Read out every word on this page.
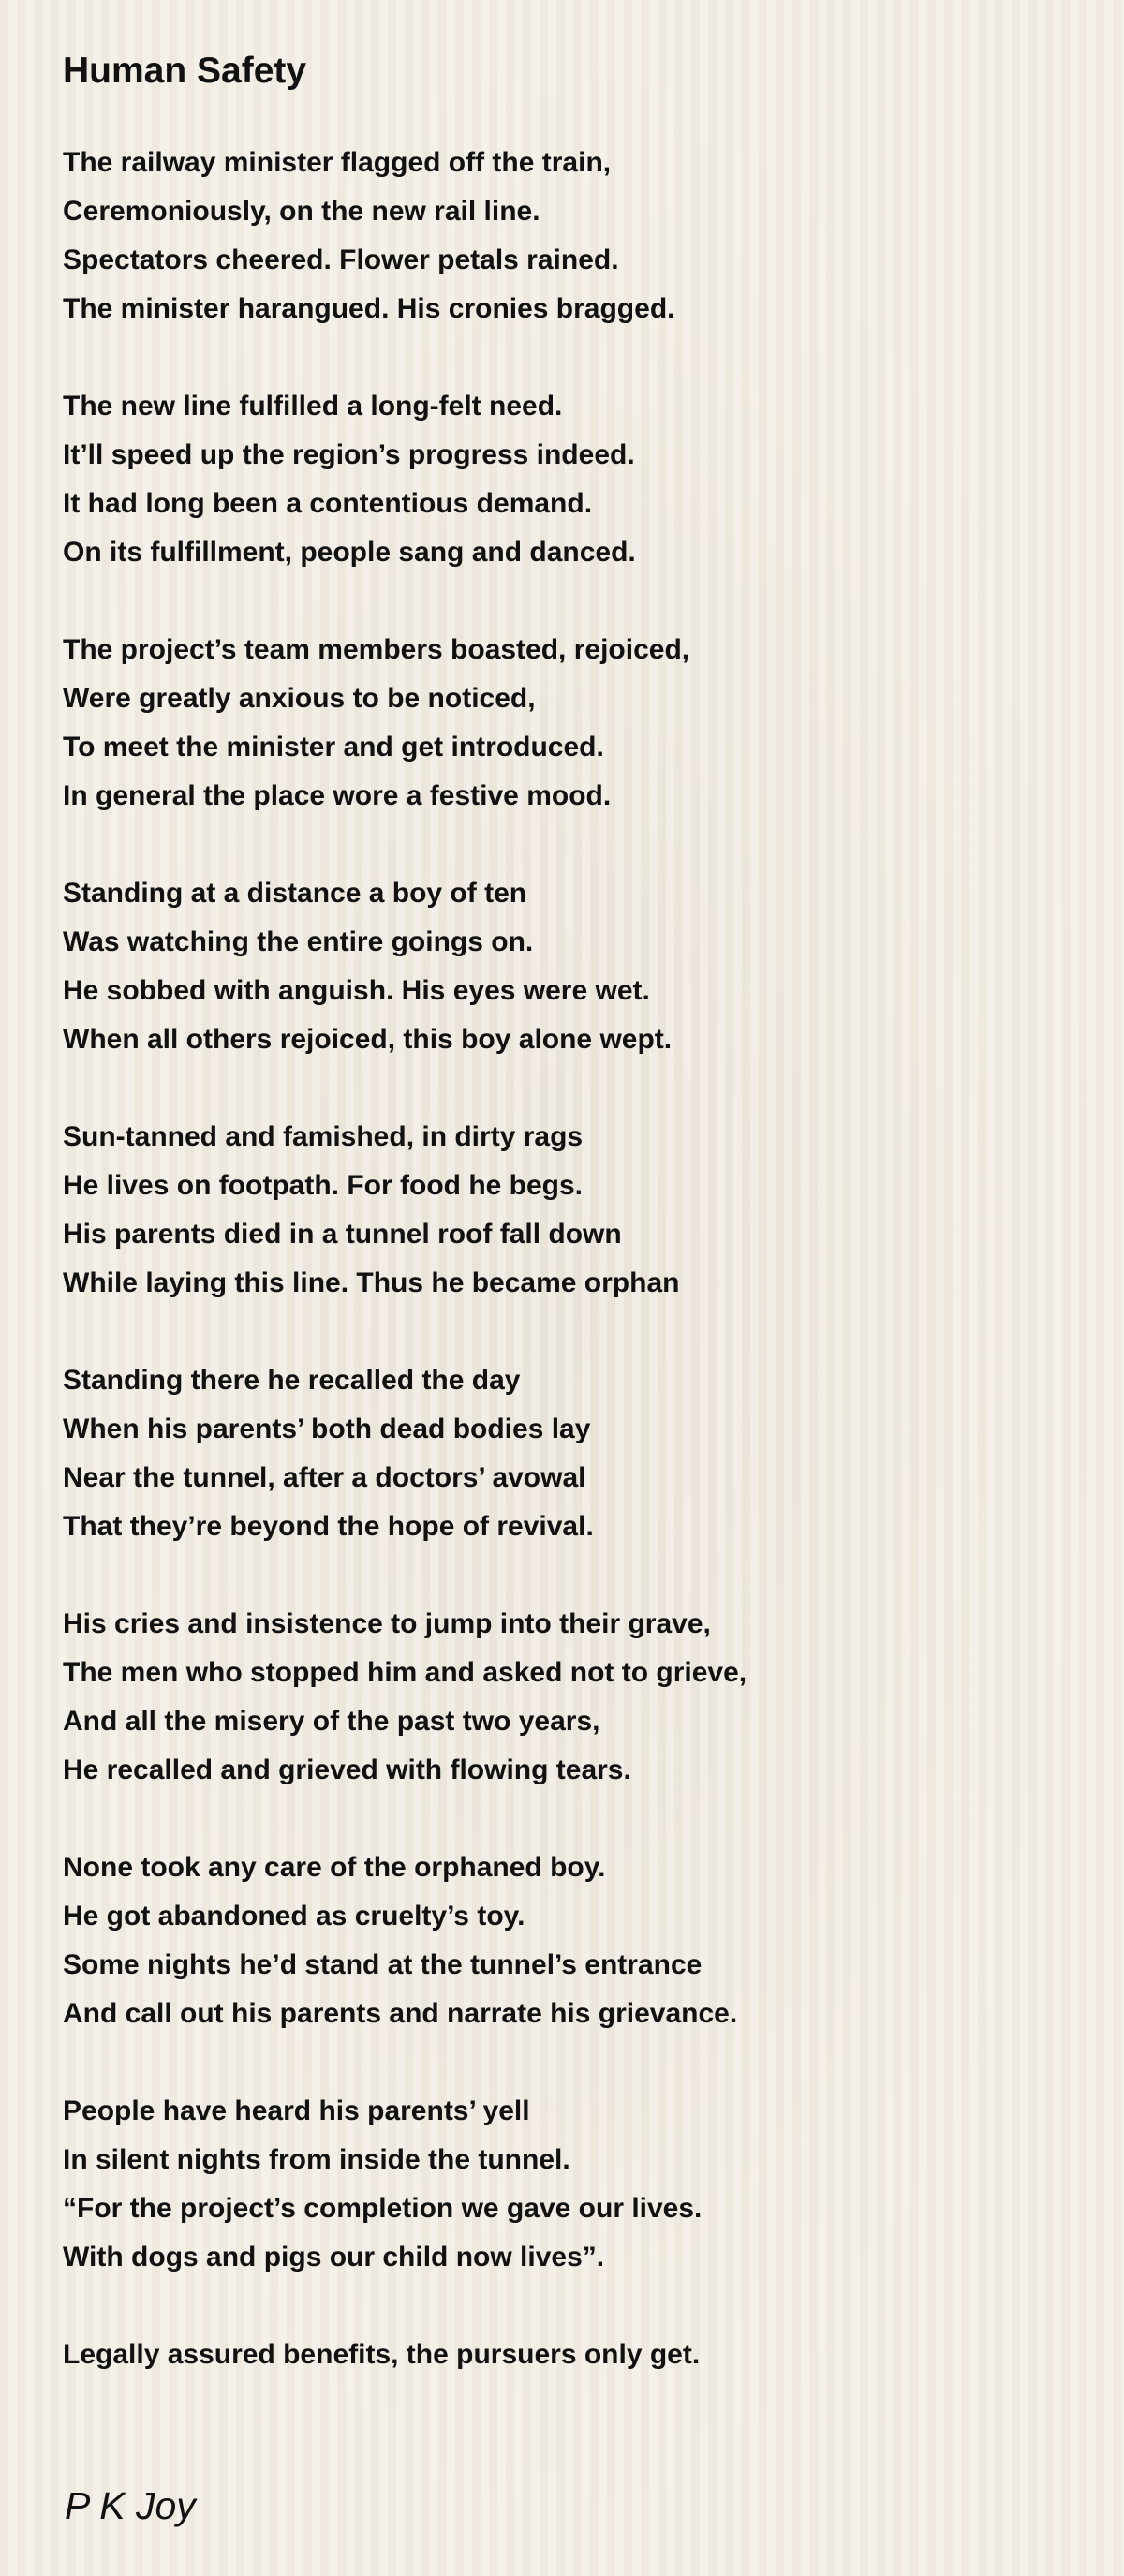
Human Safety
The railway minister flagged off the train,
Ceremoniously, on the new rail line.
Spectators cheered. Flower petals rained.
The minister harangued. His cronies bragged.
The new line fulfilled a long-felt need.
It’ll speed up the region’s progress indeed.
It had long been a contentious demand.
On its fulfillment, people sang and danced.
The project’s team members boasted, rejoiced,
Were greatly anxious to be noticed,
To meet the minister and get introduced.
In general the place wore a festive mood.
Standing at a distance a boy of ten
Was watching the entire goings on.
He sobbed with anguish. His eyes were wet.
When all others rejoiced, this boy alone wept.
Sun-tanned and famished, in dirty rags
He lives on footpath. For food he begs.
His parents died in a tunnel roof fall down
While laying this line. Thus he became orphan
Standing there he recalled the day
When his parents’ both dead bodies lay
Near the tunnel, after a doctors’ avowal
That they’re beyond the hope of revival.
His cries and insistence to jump into their grave,
The men who stopped him and asked not to grieve,
And all the misery of the past two years,
He recalled and grieved with flowing tears.
None took any care of the orphaned boy.
He got abandoned as cruelty’s toy.
Some nights he’d stand at the tunnel’s entrance
And call out his parents and narrate his grievance.
People have heard his parents’ yell
In silent nights from inside the tunnel.
“For the project’s completion we gave our lives.
With dogs and pigs our child now lives”.
Legally assured benefits, the pursuers only get.
P K Joy
